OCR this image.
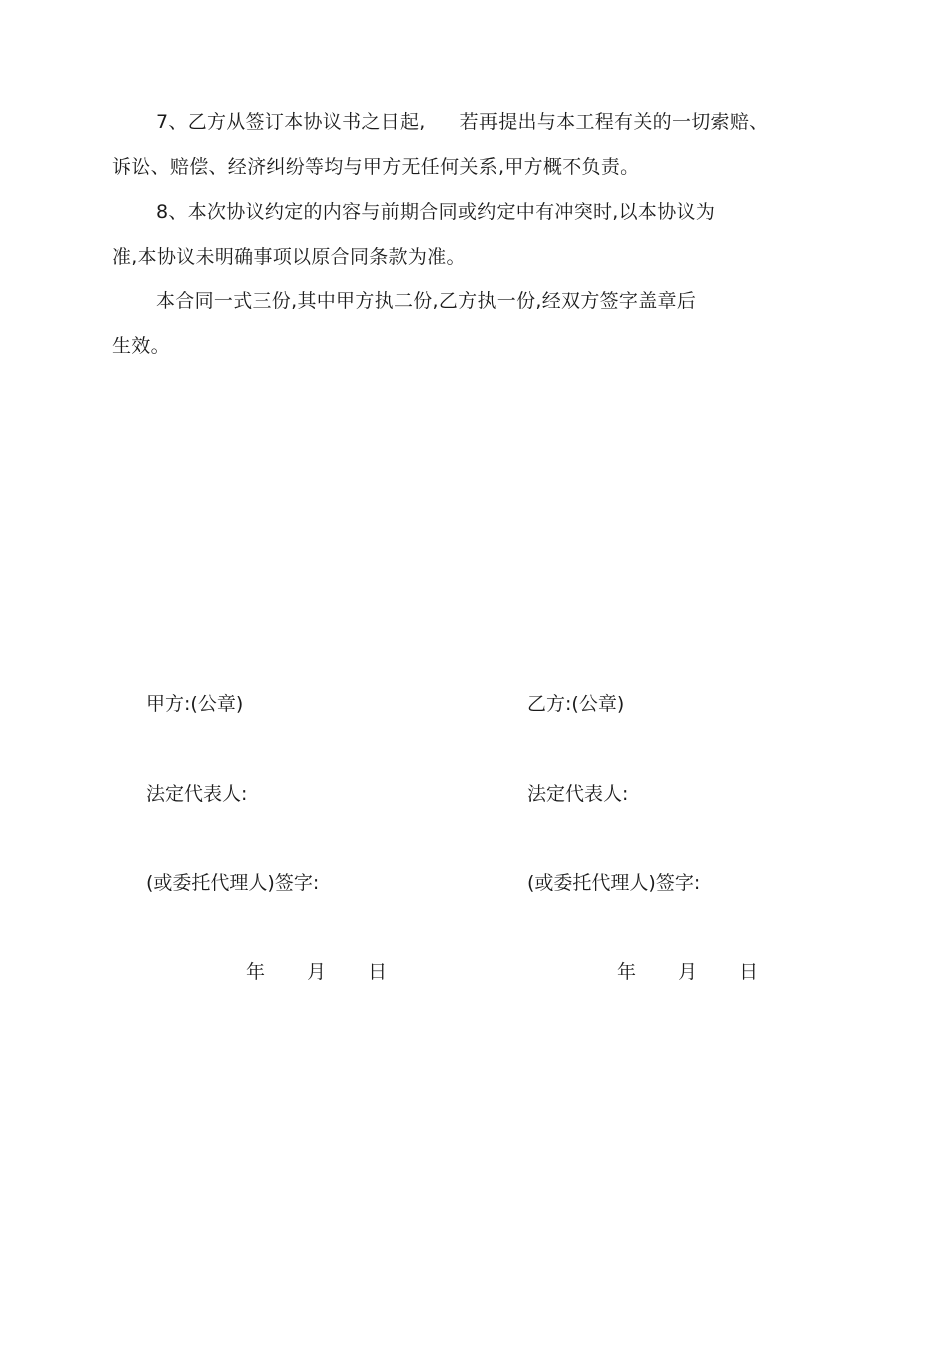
7、乙方从签订本协议书之日起, 若再提出与本工程有关的一切索赔、
诉讼、赔偿、经济纠纷等均与甲方无任何关系,甲方概不负责。
8、本次协议约定的内容与前期合同或约定中有冲突时,以本协议为
准,本协议未明确事项以原合同条款为准。
本合同一式三份,其中甲方执二份,乙方执一份,经双方签字盖章后
生效。
甲方:(公章)
法定代表人:
(或委托代理人)签字:
年 月 日
乙方:(公章)
法定代表人:
(或委托代理人)签字:
年 月 日
